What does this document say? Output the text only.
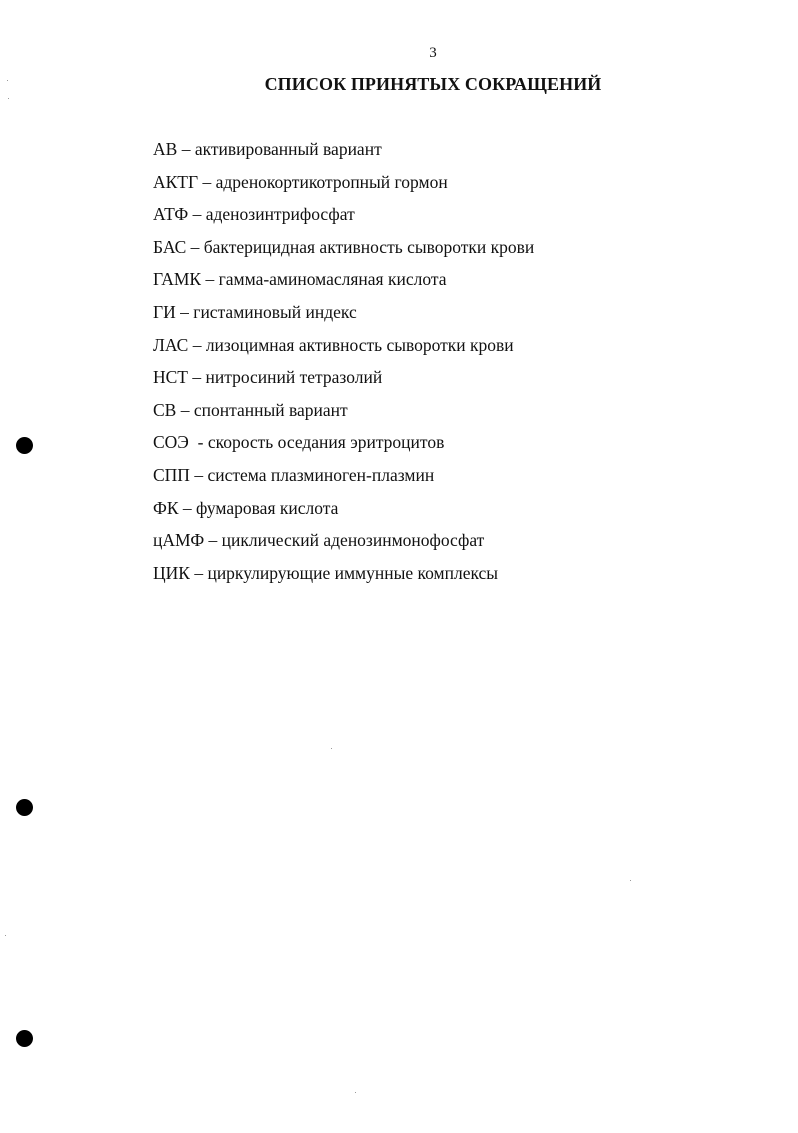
3
СПИСОК ПРИНЯТЫХ СОКРАЩЕНИЙ
АВ – активированный вариант
АКТГ – адренокортикотропный гормон
АТФ – аденозинтрифосфат
БАС – бактерицидная активность сыворотки крови
ГАМК – гамма-аминомасляная кислота
ГИ – гистаминовый индекс
ЛАС – лизоцимная активность сыворотки крови
НСТ – нитросиний тетразолий
СВ – спонтанный вариант
СОЭ  - скорость оседания эритроцитов
СПП – система плазминоген-плазмин
ФК – фумаровая кислота
цАМФ – циклический аденозинмонофосфат
ЦИК – циркулирующие иммунные комплексы
